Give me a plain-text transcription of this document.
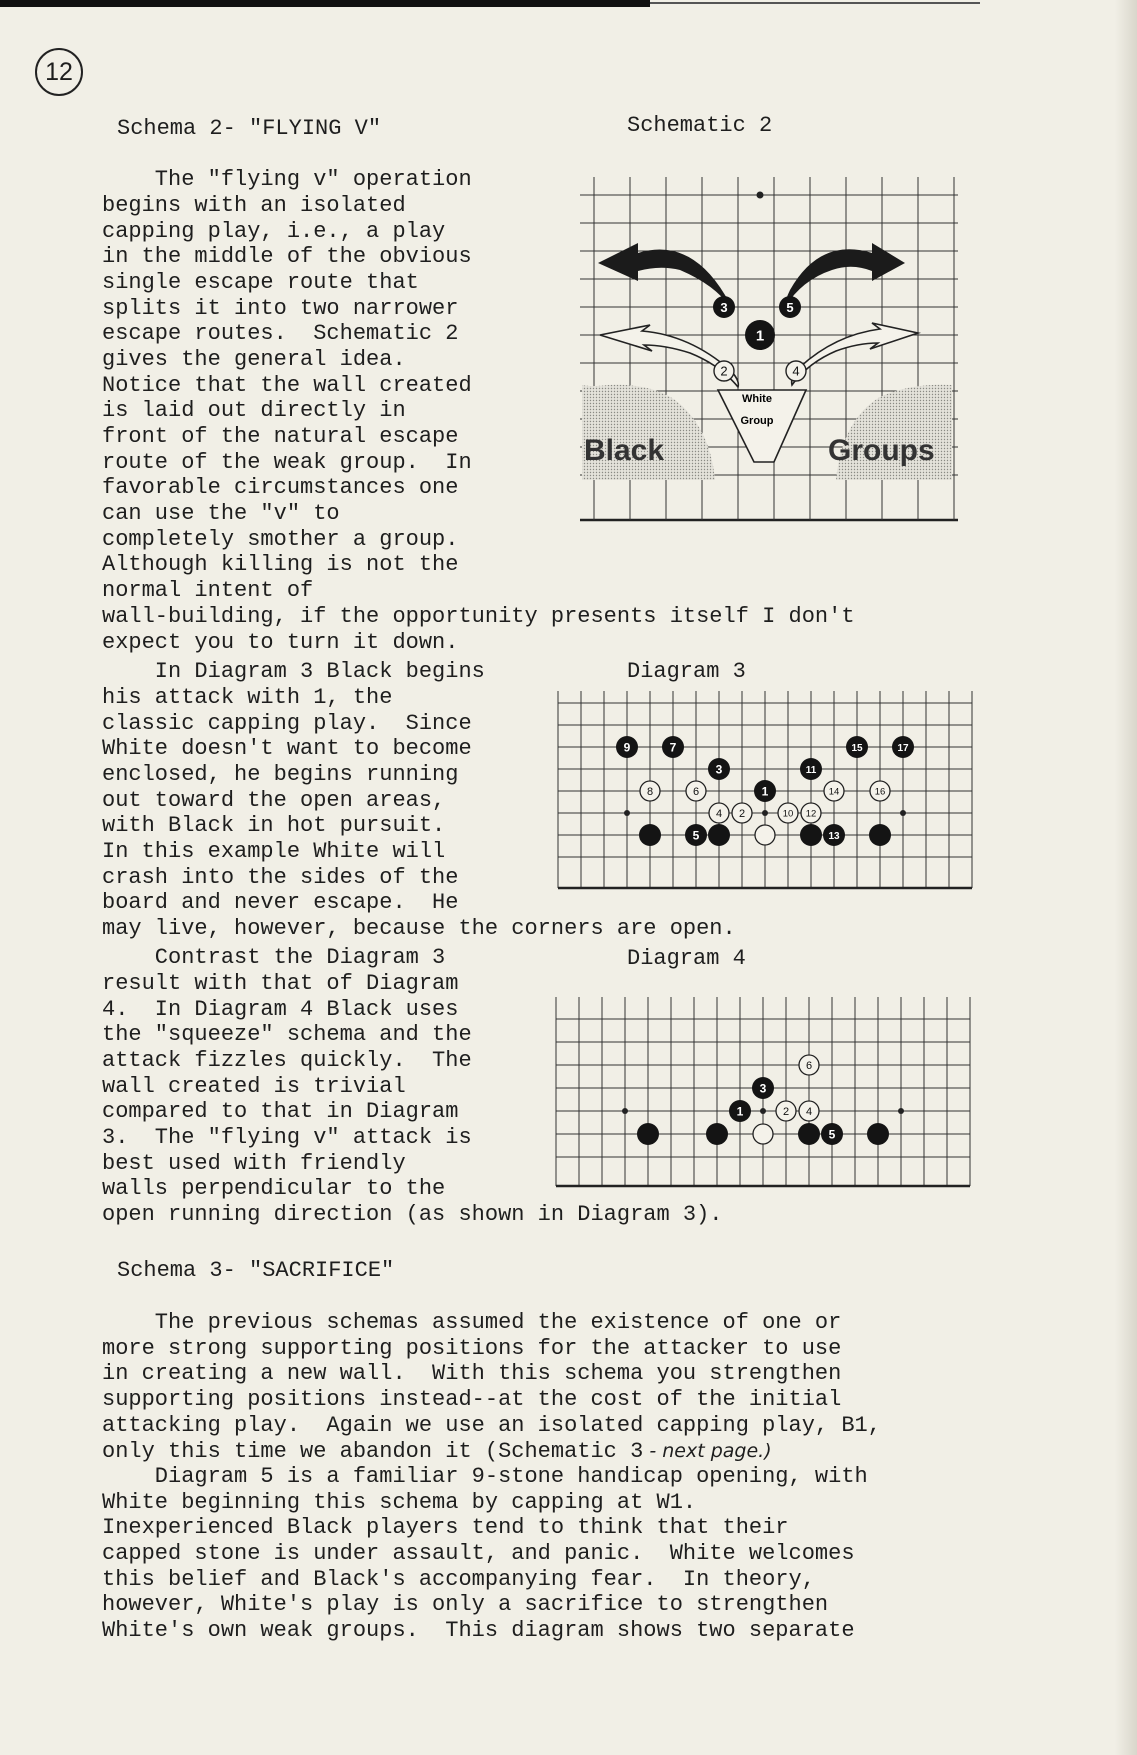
12
Schema 2- "FLYING V"	Schematic 2
The "flying v" operation
begins with an isolated
capping play, i.e., a play
in the middle of the obvious
single escape route that
splits it into two narrower
escape routes.  Schematic 2
gives the general idea.
Notice that the wall created
is laid out directly in
front of the natural escape
route of the weak group.  In
favorable circumstances one
can use the "v" to
completely smother a group.
Although killing is not the
normal intent of
wall-building, if the opportunity presents itself I don't
expect you to turn it down.
White
Group
Black	Groups
1
2
3
4
5
In Diagram 3 Black begins
his attack with 1, the
classic capping play.  Since
White doesn't want to become
enclosed, he begins running
out toward the open areas,
with Black in hot pursuit.
In this example White will
crash into the sides of the
board and never escape.  He
may live, however, because the corners are open.
Diagram 3
9	7	15	17
3	11
8	6	1	14	16
4 2	10 12
5	13
Contrast the Diagram 3
result with that of Diagram
4.  In Diagram 4 Black uses
the "squeeze" schema and the
attack fizzles quickly.  The
wall created is trivial
compared to that in Diagram
3.  The "flying v" attack is
best used with friendly
walls perpendicular to the
open running direction (as shown in Diagram 3).
Diagram 4
6
3
1	2 4
5
Schema 3- "SACRIFICE"
The previous schemas assumed the existence of one or
more strong supporting positions for the attacker to use
in creating a new wall.  With this schema you strengthen
supporting positions instead--at the cost of the initial
attacking play.  Again we use an isolated capping play, B1,
only this time we abandon it (Schematic 3 - next page.)
Diagram 5 is a familiar 9-stone handicap opening, with
White beginning this schema by capping at W1.
Inexperienced Black players tend to think that their
capped stone is under assault, and panic.  White welcomes
this belief and Black's accompanying fear.  In theory,
however, White's play is only a sacrifice to strengthen
White's own weak groups.  This diagram shows two separate
